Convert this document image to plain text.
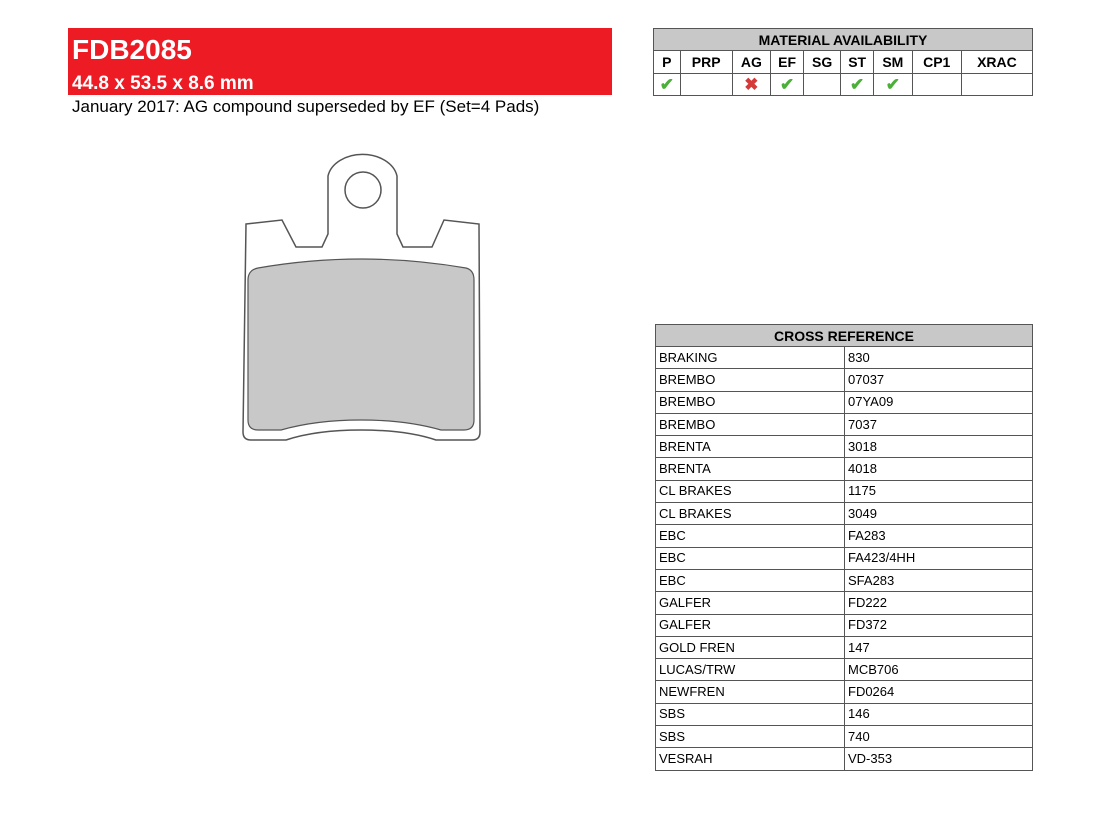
FDB2085
44.8 x 53.5 x 8.6 mm
January 2017: AG compound superseded by EF (Set=4 Pads)
MATERIAL AVAILABILITY								
P	PRP	AG	EF	SG	ST	SM	CP1	XRAC
✔		✖	✔		✔	✔		
CROSS REFERENCE	
BRAKING	830
BREMBO	07037
BREMBO	07YA09
BREMBO	7037
BRENTA	3018
BRENTA	4018
CL BRAKES	1175
CL BRAKES	3049
EBC	FA283
EBC	FA423/4HH
EBC	SFA283
GALFER	FD222
GALFER	FD372
GOLD FREN	147
LUCAS/TRW	MCB706
NEWFREN	FD0264
SBS	146
SBS	740
VESRAH	VD-353
